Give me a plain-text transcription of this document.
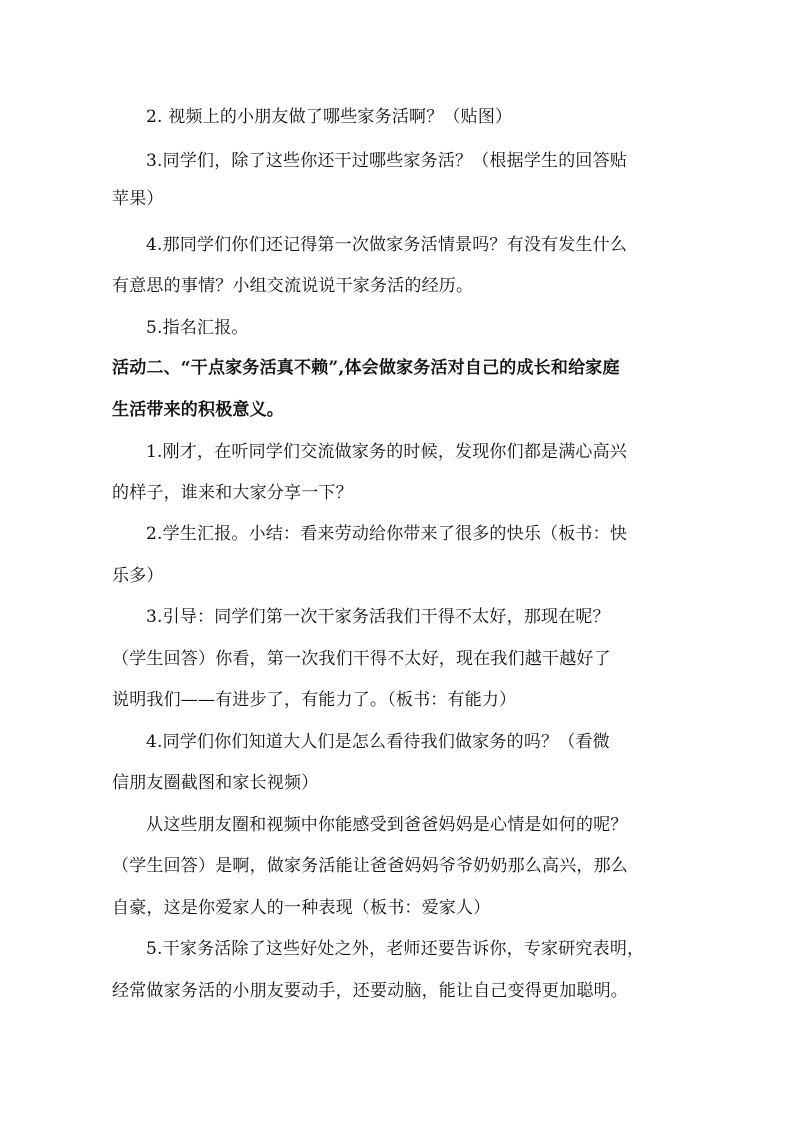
2. 视频上的小朋友做了哪些家务活啊？（贴图）
3.同学们，除了这些你还干过哪些家务活？（根据学生的回答贴
苹果）
4.那同学们你们还记得第一次做家务活情景吗？有没有发生什么
有意思的事情？小组交流说说干家务活的经历。
5.指名汇报。
活动二、“干点家务活真不赖”,体会做家务活对自己的成长和给家庭
生活带来的积极意义。
1.刚才，在听同学们交流做家务的时候，发现你们都是满心高兴
的样子，谁来和大家分享一下？
2.学生汇报。小结：看来劳动给你带来了很多的快乐（板书：快
乐多）
3.引导：同学们第一次干家务活我们干得不太好，那现在呢？
（学生回答）你看，第一次我们干得不太好，现在我们越干越好了
说明我们——有进步了，有能力了。（板书：有能力）
4.同学们你们知道大人们是怎么看待我们做家务的吗？（看微
信朋友圈截图和家长视频）
从这些朋友圈和视频中你能感受到爸爸妈妈是心情是如何的呢？
（学生回答）是啊，做家务活能让爸爸妈妈爷爷奶奶那么高兴，那么
自豪，这是你爱家人的一种表现（板书：爱家人）
5.干家务活除了这些好处之外，老师还要告诉你，专家研究表明，
经常做家务活的小朋友要动手，还要动脑，能让自己变得更加聪明。
